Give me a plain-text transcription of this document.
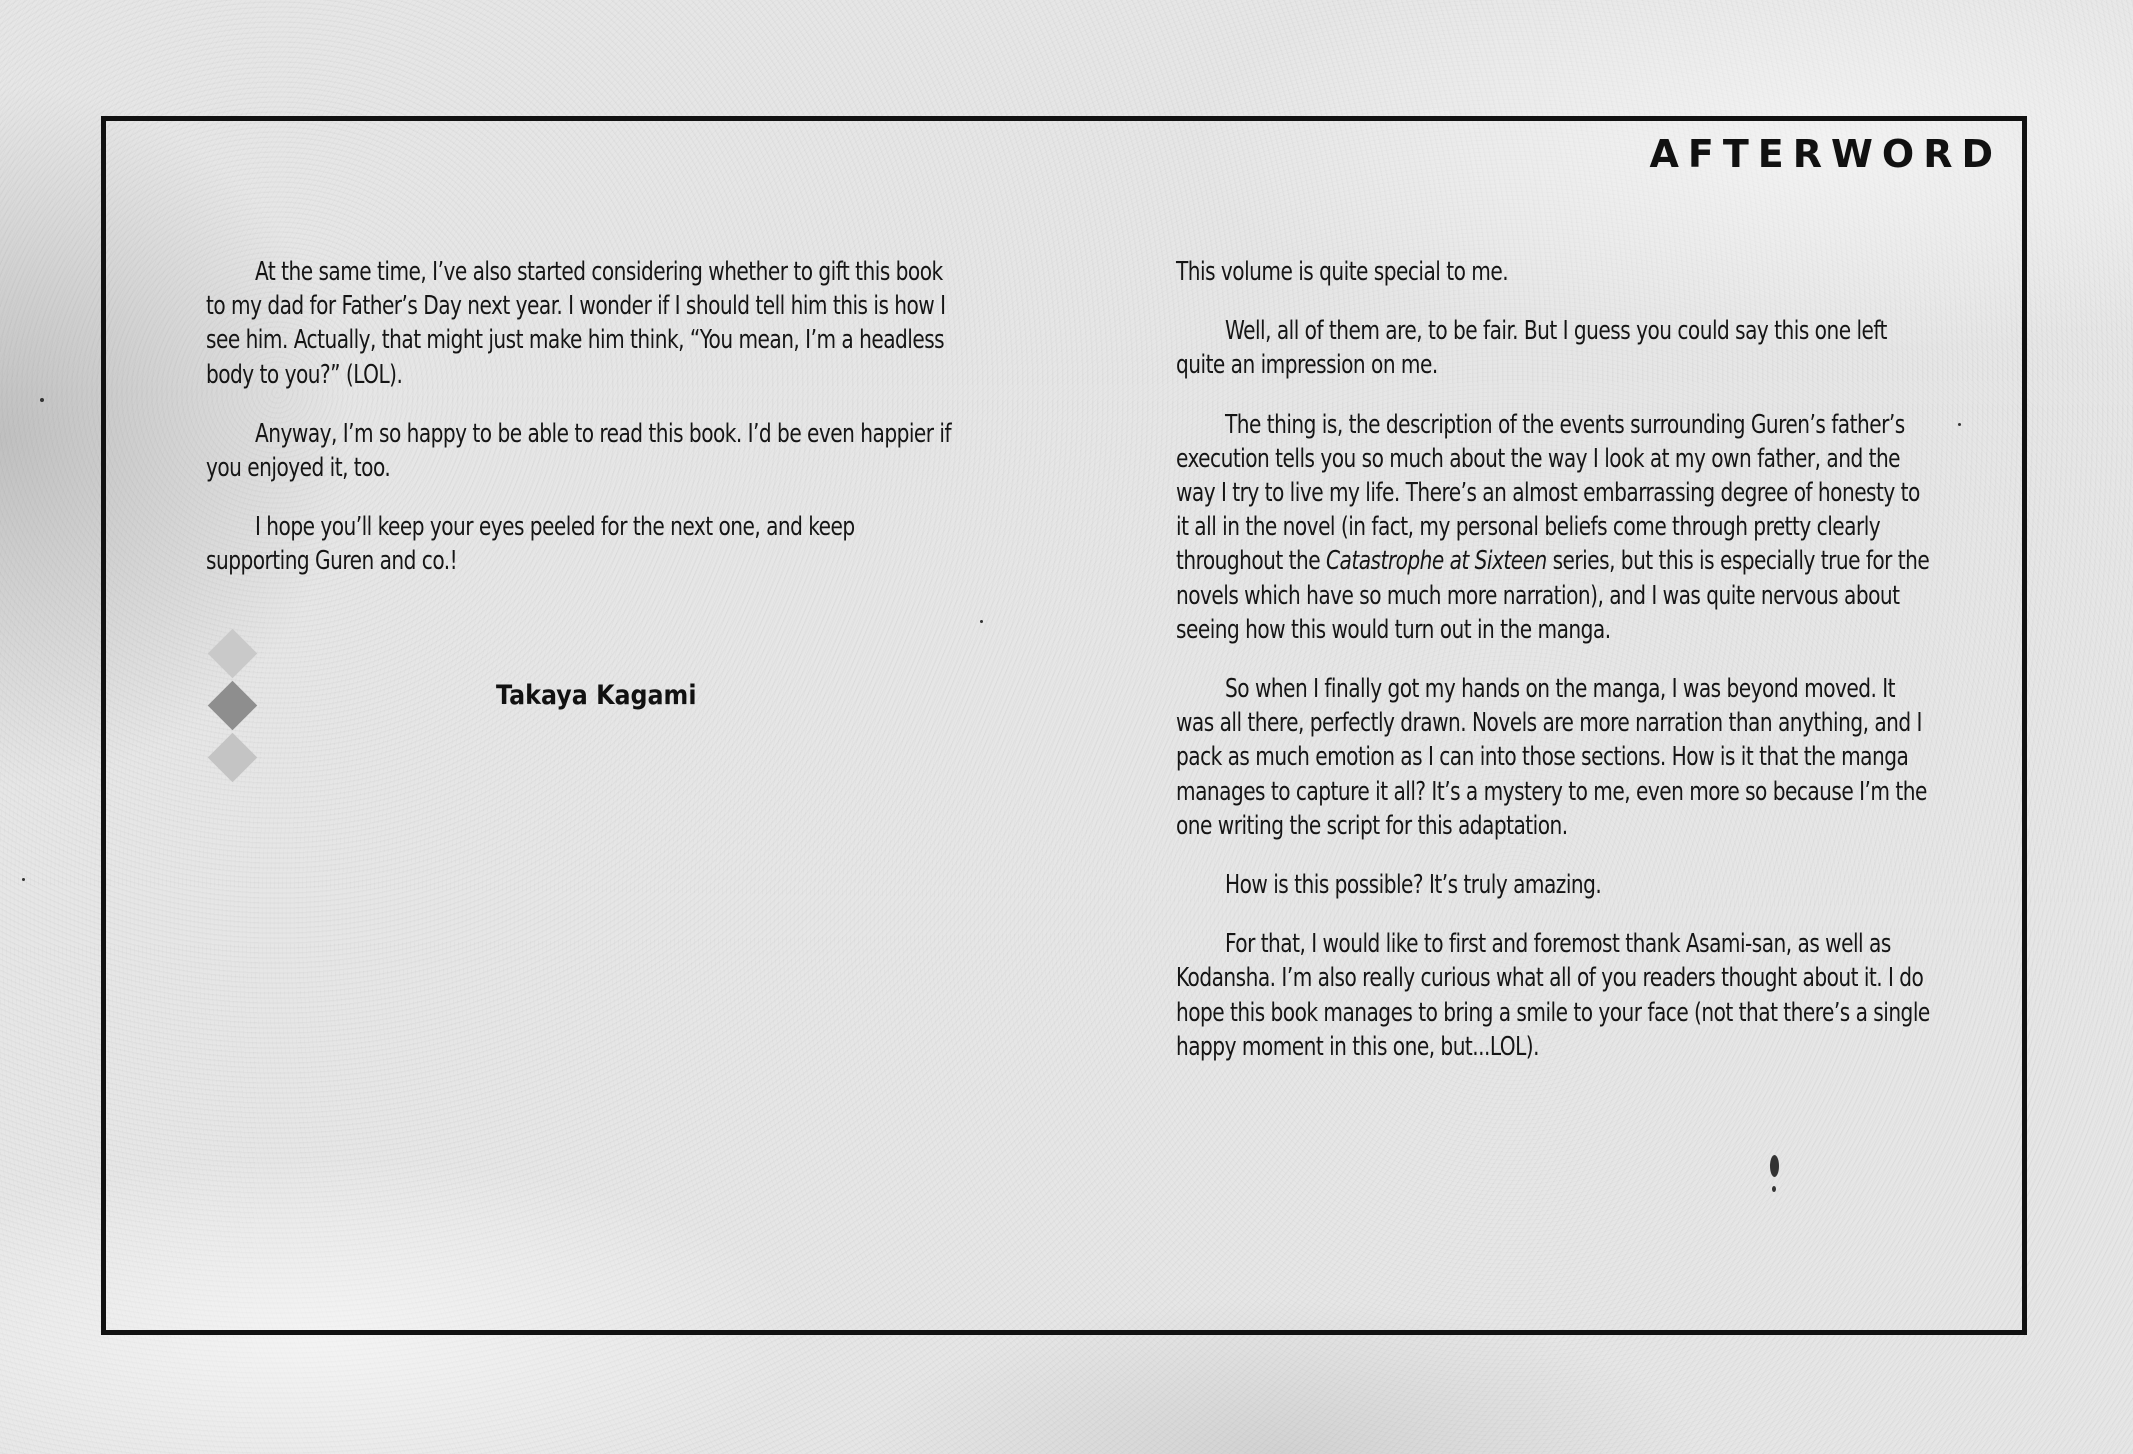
AFTERWORD

At the same time, I’ve also started considering whether to gift this book to my dad for Father’s Day next year. I wonder if I should tell him this is how I see him. Actually, that might just make him think, “You mean, I’m a headless body to you?” (LOL).

Anyway, I’m so happy to be able to read this book. I’d be even happier if you enjoyed it, too.

I hope you’ll keep your eyes peeled for the next one, and keep supporting Guren and co.!

Takaya Kagami

This volume is quite special to me.

Well, all of them are, to be fair. But I guess you could say this one left quite an impression on me.

The thing is, the description of the events surrounding Guren’s father’s execution tells you so much about the way I look at my own father, and the way I try to live my life. There’s an almost embarrassing degree of honesty to it all in the novel (in fact, my personal beliefs come through pretty clearly throughout the Catastrophe at Sixteen series, but this is especially true for the novels which have so much more narration), and I was quite nervous about seeing how this would turn out in the manga.

So when I finally got my hands on the manga, I was beyond moved. It was all there, perfectly drawn. Novels are more narration than anything, and I pack as much emotion as I can into those sections. How is it that the manga manages to capture it all? It’s a mystery to me, even more so because I’m the one writing the script for this adaptation.

How is this possible? It’s truly amazing.

For that, I would like to first and foremost thank Asami-san, as well as Kodansha. I’m also really curious what all of you readers thought about it. I do hope this book manages to bring a smile to your face (not that there’s a single happy moment in this one, but...LOL).
